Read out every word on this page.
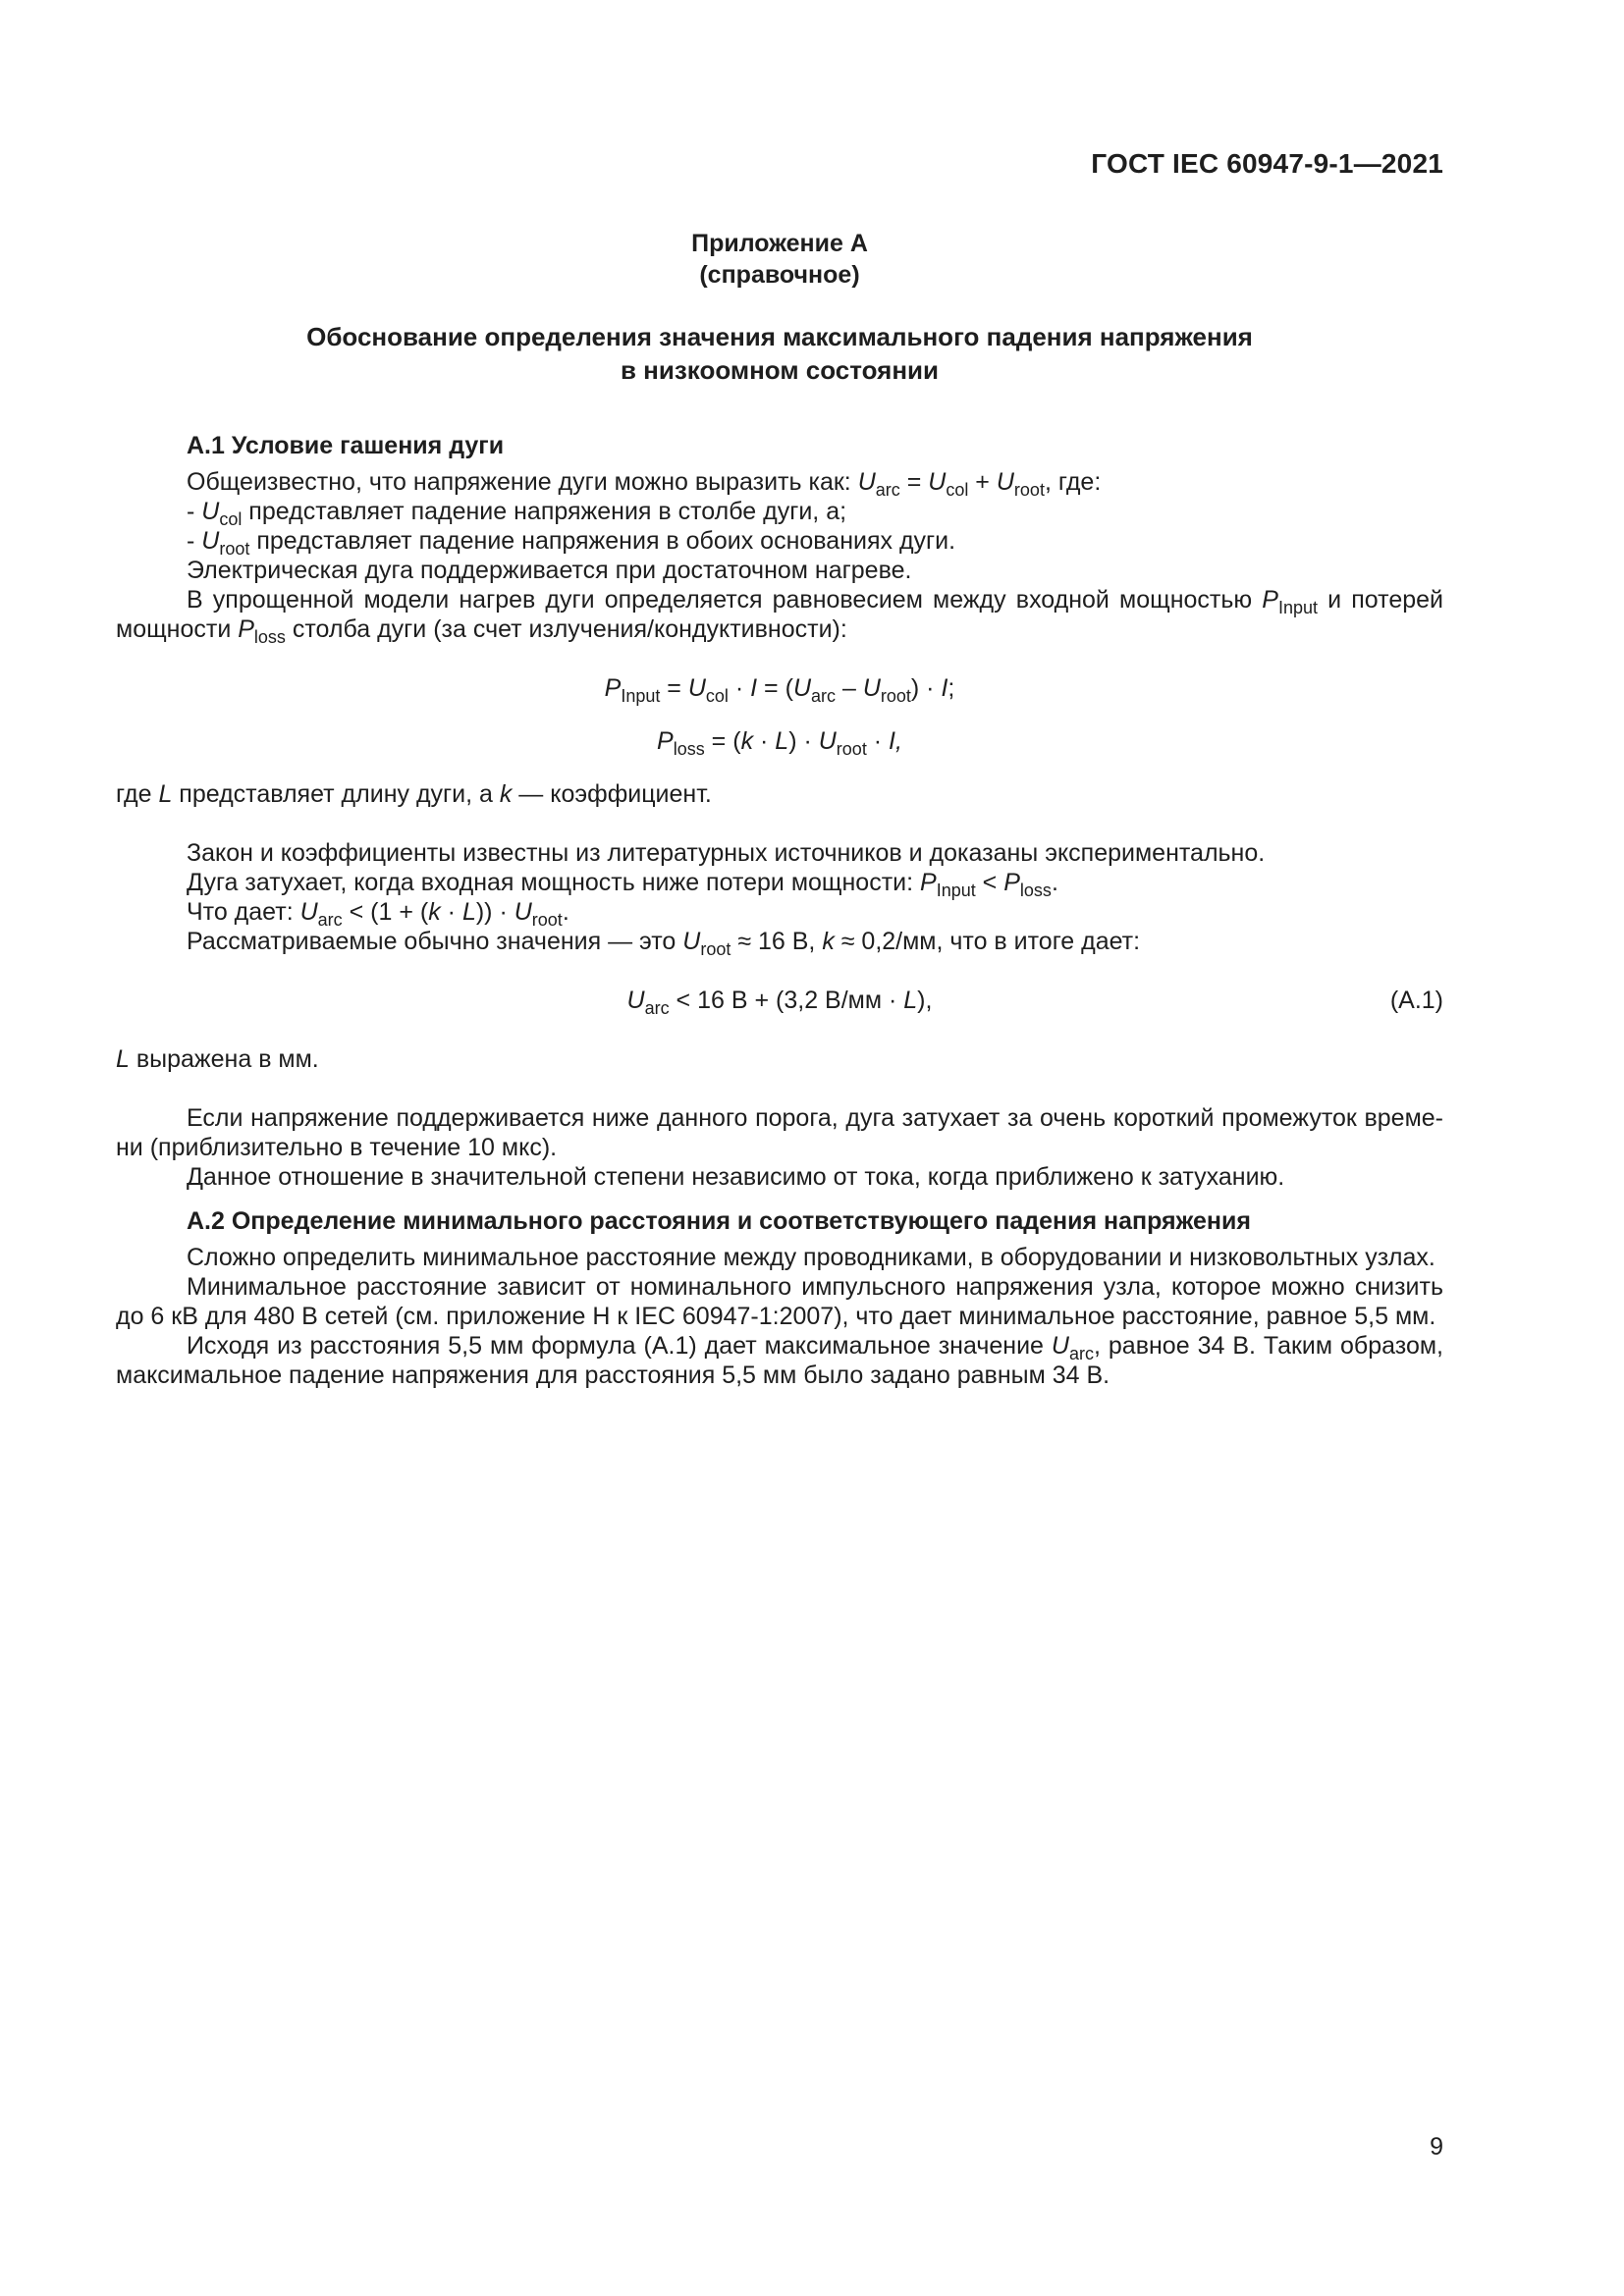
ГОСТ IEC 60947-9-1—2021
Приложение А
(справочное)
Обоснование определения значения максимального падения напряжения
в низкоомном состоянии
А.1 Условие гашения дуги

Общеизвестно, что напряжение дуги можно выразить как: $U_{arc} = U_{col} + U_{root}$, где:

- $U_{col}$ представляет падение напряжения в столбе дуги, а;

- $U_{root}$ представляет падение напряжения в обоих основаниях дуги.

Электрическая дуга поддерживается при достаточном нагреве.

В упрощенной модели нагрев дуги определяется равновесием между входной мощностью $P_{Input}$ и потерей мощности $P_{loss}$ столба дуги (за счет излучения/кондуктивности):

$P_{Input} = U_{col} \cdot I = (U_{arc} - U_{root}) \cdot I$;

$P_{loss} = (k \cdot L) \cdot U_{root} \cdot I$,

где L представляет длину дуги, а k — коэффициент.

Закон и коэффициенты известны из литературных источников и доказаны экспериментально.

Дуга затухает, когда входная мощность ниже потери мощности: $P_{Input} < P_{loss}$.

Что дает: $U_{arc} < (1 + (k \cdot L)) \cdot U_{root}$.

Рассматриваемые обычно значения — это $U_{root} \approx 16$ В, k ≈ 0,2/мм, что в итоге дает:

$U_{arc} < 16$ В + (3,2 В/мм · L),	(А.1)

L выражена в мм.

Если напряжение поддерживается ниже данного порога, дуга затухает за очень короткий промежуток време-ни (приблизительно в течение 10 мкс).

Данное отношение в значительной степени независимо от тока, когда приближено к затуханию.

А.2 Определение минимального расстояния и соответствующего падения напряжения

Сложно определить минимальное расстояние между проводниками, в оборудовании и низковольтных узлах.

Минимальное расстояние зависит от номинального импульсного напряжения узла, которое можно снизить до 6 кВ для 480 В сетей (см. приложение Н к IEC 60947-1:2007), что дает минимальное расстояние, равное 5,5 мм.

Исходя из расстояния 5,5 мм формула (А.1) дает максимальное значение $U_{arc}$, равное 34 В. Таким образом, максимальное падение напряжения для расстояния 5,5 мм было задано равным 34 В.

9
